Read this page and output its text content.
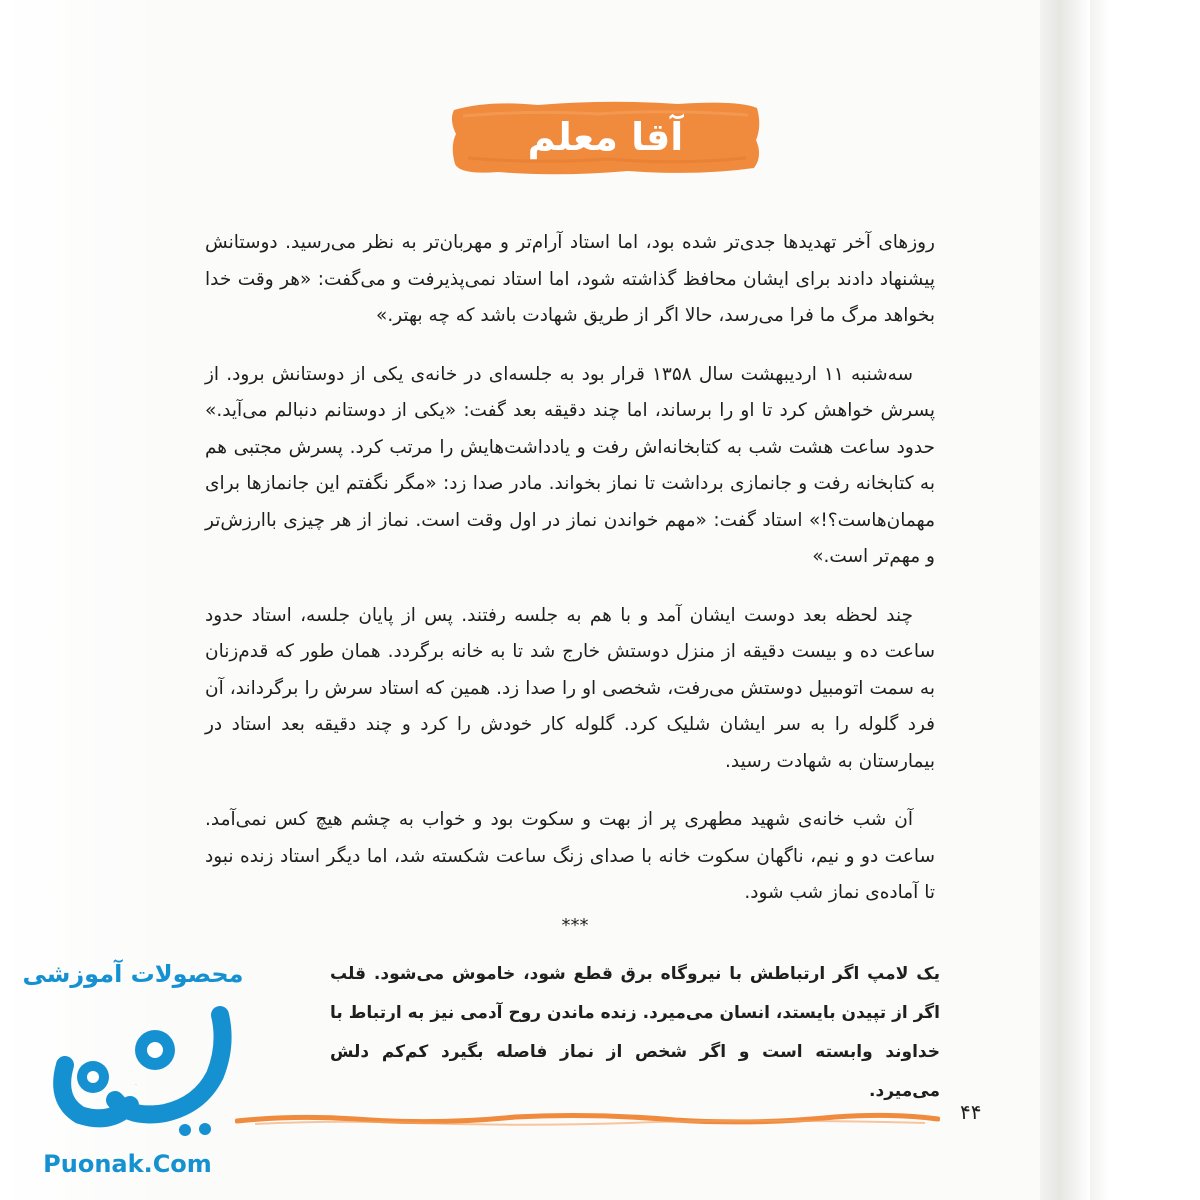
آقا معلم

روزهای آخر تهدیدها جدی‌تر شده بود، اما استاد آرام‌تر و مهربان‌تر به نظر می‌رسید. دوستانش پیشنهاد دادند برای ایشان محافظ گذاشته شود، اما استاد نمی‌پذیرفت و می‌گفت: «هر وقت خدا بخواهد مرگ ما فرا می‌رسد، حالا اگر از طریق شهادت باشد که چه بهتر.»

سه‌شنبه ۱۱ اردیبهشت سال ۱۳۵۸ قرار بود به جلسه‌ای در خانه‌ی یکی از دوستانش برود. از پسرش خواهش کرد تا او را برساند، اما چند دقیقه بعد گفت: «یکی از دوستانم دنبالم می‌آید.» حدود ساعت هشت شب به کتابخانه‌اش رفت و یادداشت‌هایش را مرتب کرد. پسرش مجتبی هم به کتابخانه رفت و جانمازی برداشت تا نماز بخواند. مادر صدا زد: «مگر نگفتم این جانمازها برای مهمان‌هاست؟!» استاد گفت: «مهم خواندن نماز در اول وقت است. نماز از هر چیزی باارزش‌تر و مهم‌تر است.»

چند لحظه بعد دوست ایشان آمد و با هم به جلسه رفتند. پس از پایان جلسه، استاد حدود ساعت ده و بیست دقیقه از منزل دوستش خارج شد تا به خانه برگردد. همان طور که قدم‌زنان به سمت اتومبیل دوستش می‌رفت، شخصی او را صدا زد. همین که استاد سرش را برگرداند، آن فرد گلوله را به سر ایشان شلیک کرد. گلوله کار خودش را کرد و چند دقیقه بعد استاد در بیمارستان به شهادت رسید.

آن شب خانه‌ی شهید مطهری پر از بهت و سکوت بود و خواب به چشم هیچ کس نمی‌آمد. ساعت دو و نیم، ناگهان سکوت خانه با صدای زنگ ساعت شکسته شد، اما دیگر استاد زنده نبود تا آماده‌ی نماز شب شود.

***
یک لامپ اگر ارتباطش با نیروگاه برق قطع شود، خاموش می‌شود. قلب اگر از تپیدن بایستد، انسان می‌میرد. زنده ماندن روح آدمی نیز به ارتباط با خداوند وابسته است و اگر شخص از نماز فاصله بگیرد کم‌کم دلش می‌میرد.
۴۴
محصولات آموزشی
پونک
Puonak.Com
